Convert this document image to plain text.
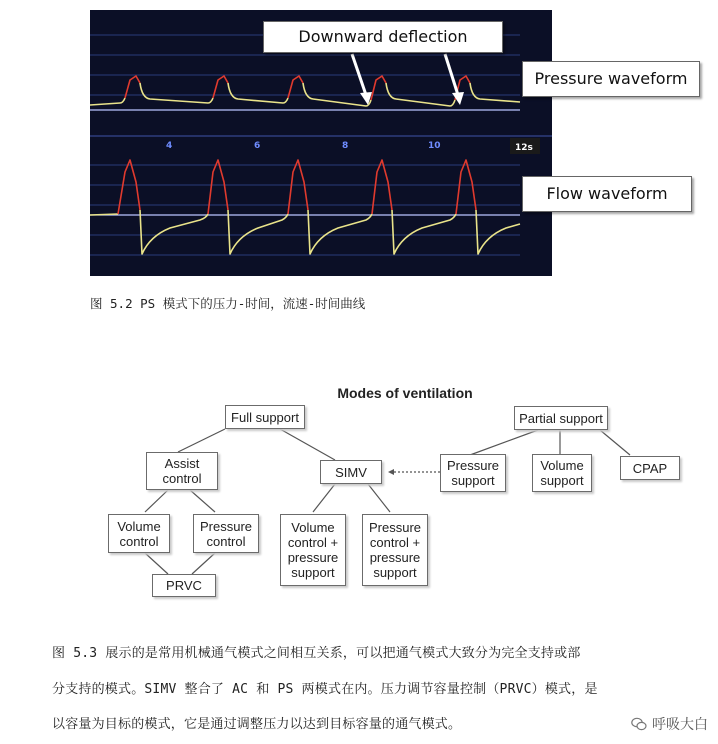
4	6	8	10	12s
Downward deflection
Pressure waveform
Flow waveform
图 5.2 PS 模式下的压力-时间，流速-时间曲线
Modes of ventilation
Full support	Partial support
Assist
control	SIMV	Pressure
support
Volume
support
CPAP
Volume
control
Pressure
control
Volume
control +
pressure
support
Pressure
control +
pressure
support
PRVC
图 5.3 展示的是常用机械通气模式之间相互关系，可以把通气模式大致分为完全支持或部
分支持的模式。SIMV 整合了 AC 和 PS 两模式在内。压力调节容量控制（PRVC）模式，是
以容量为目标的模式，它是通过调整压力以达到目标容量的通气模式。	呼吸大白
